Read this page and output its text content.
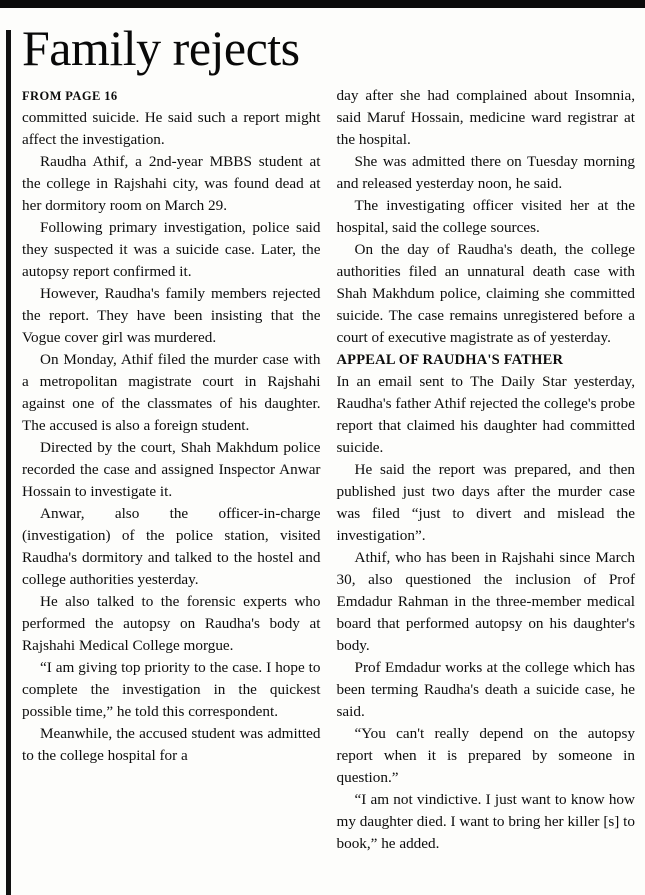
Family rejects

FROM PAGE 16

committed suicide. He said such a report might affect the investigation.

Raudha Athif, a 2nd-year MBBS student at the college in Rajshahi city, was found dead at her dormitory room on March 29.

Following primary investigation, police said they suspected it was a suicide case. Later, the autopsy report confirmed it.

However, Raudha's family members rejected the report. They have been insisting that the Vogue cover girl was murdered.

On Monday, Athif filed the murder case with a metropolitan magistrate court in Rajshahi against one of the classmates of his daughter. The accused is also a foreign student.

Directed by the court, Shah Makhdum police recorded the case and assigned Inspector Anwar Hossain to investigate it.

Anwar, also the officer-in-charge (investigation) of the police station, visited Raudha's dormitory and talked to the hostel and college authorities yesterday.

He also talked to the forensic experts who performed the autopsy on Raudha's body at Rajshahi Medical College morgue.

“I am giving top priority to the case. I hope to complete the investigation in the quickest possible time,” he told this correspondent.

Meanwhile, the accused student was admitted to the college hospital for a

day after she had complained about Insomnia, said Maruf Hossain, medicine ward registrar at the hospital.

She was admitted there on Tuesday morning and released yesterday noon, he said.

The investigating officer visited her at the hospital, said the college sources.

On the day of Raudha's death, the college authorities filed an unnatural death case with Shah Makhdum police, claiming she committed suicide. The case remains unregistered before a court of executive magistrate as of yesterday.

APPEAL OF RAUDHA'S FATHER

In an email sent to The Daily Star yesterday, Raudha's father Athif rejected the college's probe report that claimed his daughter had committed suicide.

He said the report was prepared, and then published just two days after the murder case was filed “just to divert and mislead the investigation”.

Athif, who has been in Rajshahi since March 30, also questioned the inclusion of Prof Emdadur Rahman in the three-member medical board that performed autopsy on his daughter's body.

Prof Emdadur works at the college which has been terming Raudha's death a suicide case, he said.

“You can't really depend on the autopsy report when it is prepared by someone in question.”

“I am not vindictive. I just want to know how my daughter died. I want to bring her killer [s] to book,” he added.
